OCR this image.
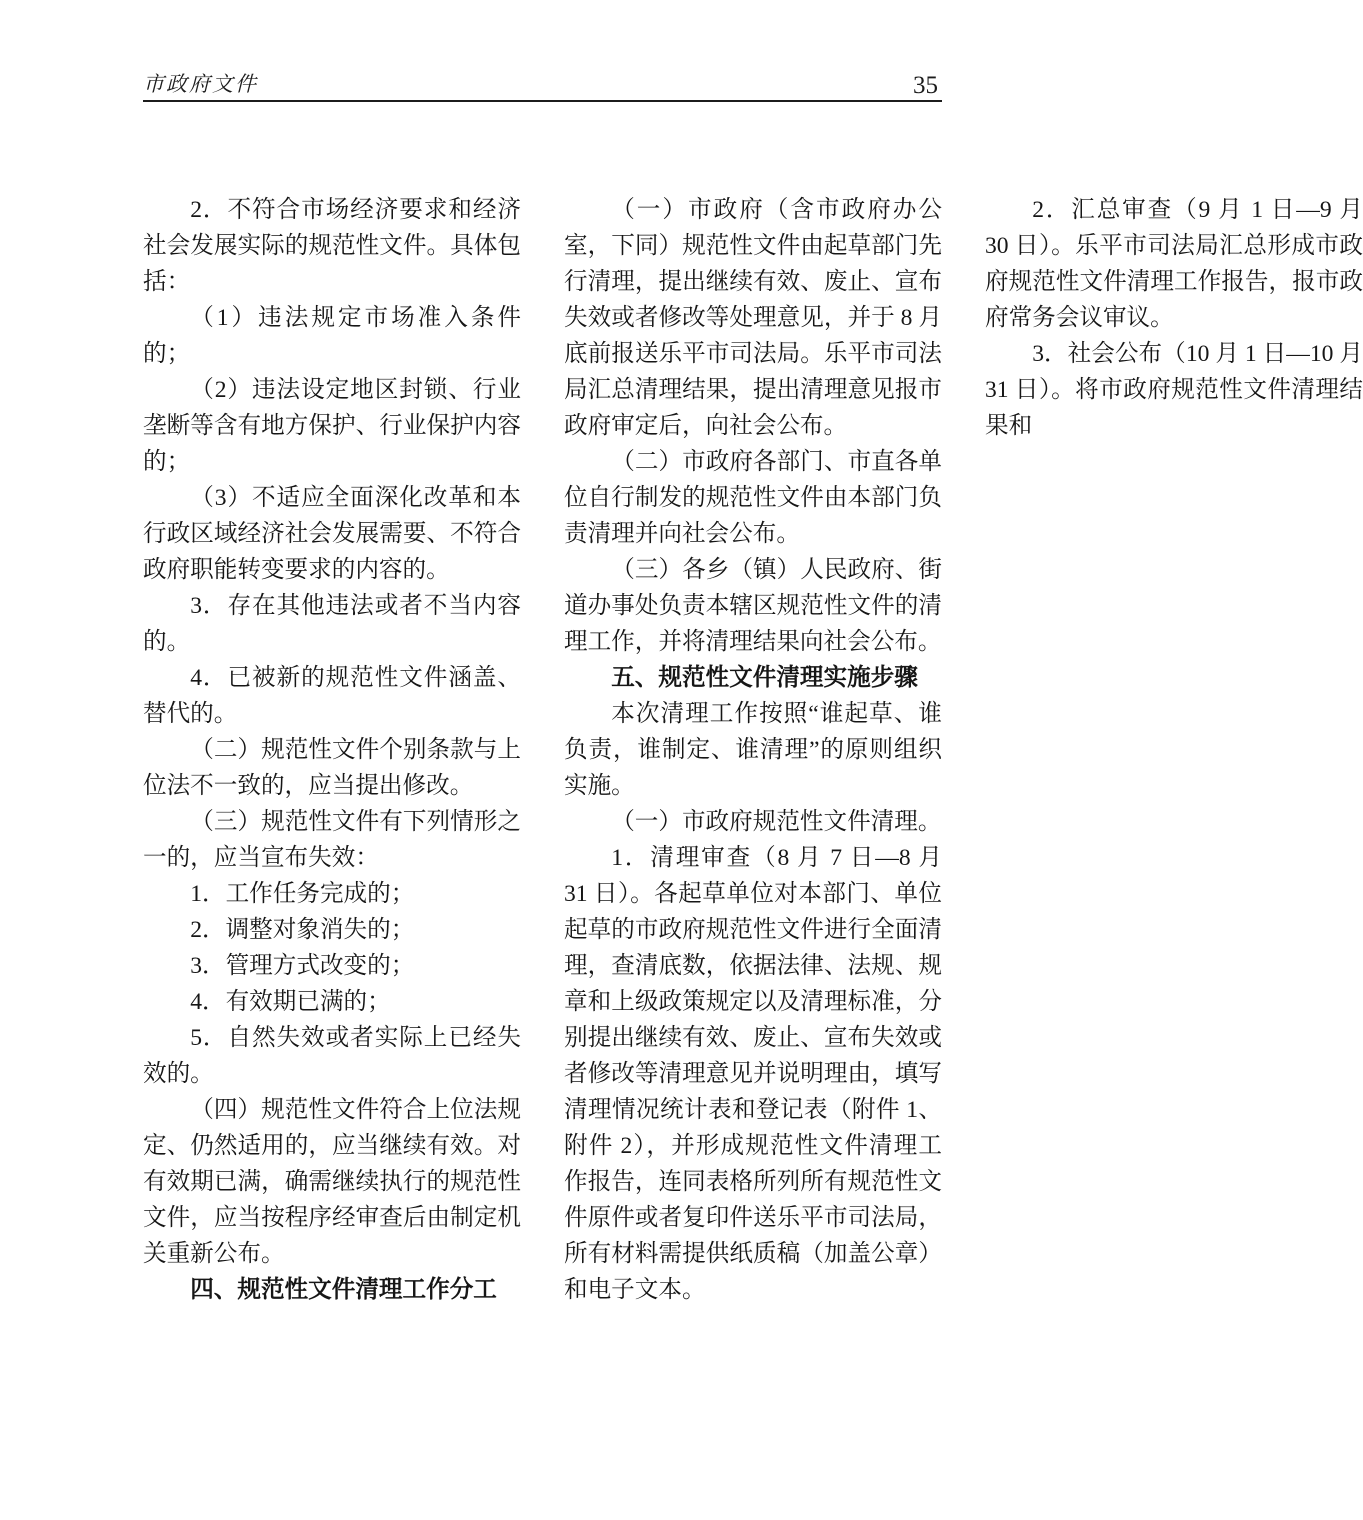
市政府文件	35

2．不符合市场经济要求和经济社会发展实际的规范性文件。具体包括：

（1）违法规定市场准入条件的；

（2）违法设定地区封锁、行业垄断等含有地方保护、行业保护内容的；

（3）不适应全面深化改革和本行政区域经济社会发展需要、不符合政府职能转变要求的内容的。

3．存在其他违法或者不当内容的。

4．已被新的规范性文件涵盖、替代的。

（二）规范性文件个别条款与上位法不一致的，应当提出修改。

（三）规范性文件有下列情形之一的，应当宣布失效：

1．工作任务完成的；

2．调整对象消失的；

3．管理方式改变的；

4．有效期已满的；

5．自然失效或者实际上已经失效的。

（四）规范性文件符合上位法规定、仍然适用的，应当继续有效。对有效期已满，确需继续执行的规范性文件，应当按程序经审查后由制定机关重新公布。

四、规范性文件清理工作分工

（一）市政府（含市政府办公室，下同）规范性文件由起草部门先行清理，提出继续有效、废止、宣布失效或者修改等处理意见，并于 8 月底前报送乐平市司法局。乐平市司法局汇总清理结果，提出清理意见报市政府审定后，向社会公布。

（二）市政府各部门、市直各单位自行制发的规范性文件由本部门负责清理并向社会公布。

（三）各乡（镇）人民政府、街道办事处负责本辖区规范性文件的清理工作，并将清理结果向社会公布。

五、规范性文件清理实施步骤

本次清理工作按照“谁起草、谁负责，谁制定、谁清理”的原则组织实施。

（一）市政府规范性文件清理。

1．清理审查（8 月 7 日—8 月 31 日）。各起草单位对本部门、单位起草的市政府规范性文件进行全面清理，查清底数，依据法律、法规、规章和上级政策规定以及清理标准，分别提出继续有效、废止、宣布失效或者修改等清理意见并说明理由，填写清理情况统计表和登记表（附件 1、附件 2），并形成规范性文件清理工作报告，连同表格所列所有规范性文件原件或者复印件送乐平市司法局，所有材料需提供纸质稿（加盖公章）和电子文本。

2．汇总审查（9 月 1 日—9 月 30 日）。乐平市司法局汇总形成市政府规范性文件清理工作报告，报市政府常务会议审议。

3．社会公布（10 月 1 日—10 月 31 日）。将市政府规范性文件清理结果和
